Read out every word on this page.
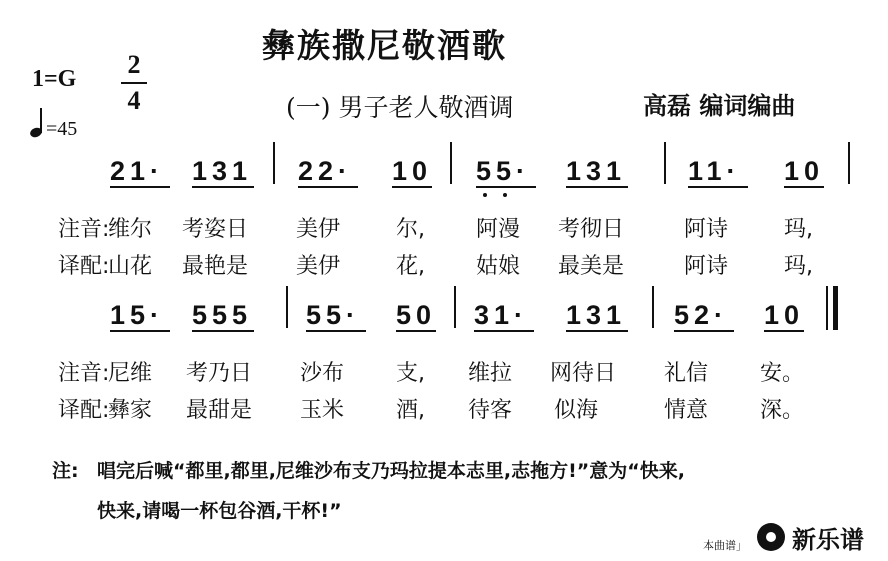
彝族撒尼敬酒歌
1=G 2
4
=45
(一) 男子老人敬酒调	高磊 编词编曲
21· 131 22· 10 55· 131 11· 10
注音:
维尔 考姿日 美伊	尔, 阿漫 考彻日	阿诗	玛,
译配:
山花 最艳是 美伊	花, 姑娘 最美是	阿诗	玛,
15· 555 55· 50 31· 131 52· 10
注音:
尼维 考乃日 沙布 支, 维拉 网待日 礼信 安。
译配:
彝家 最甜是 玉米 酒, 待客 似海	情意 深。
注: 唱完后喊“都里,都里,尼维沙布支乃玛拉提本志里,志拖方!”意为“快来,
快来,请喝一杯包谷酒,干杯!”
本曲谱」 新乐谱
